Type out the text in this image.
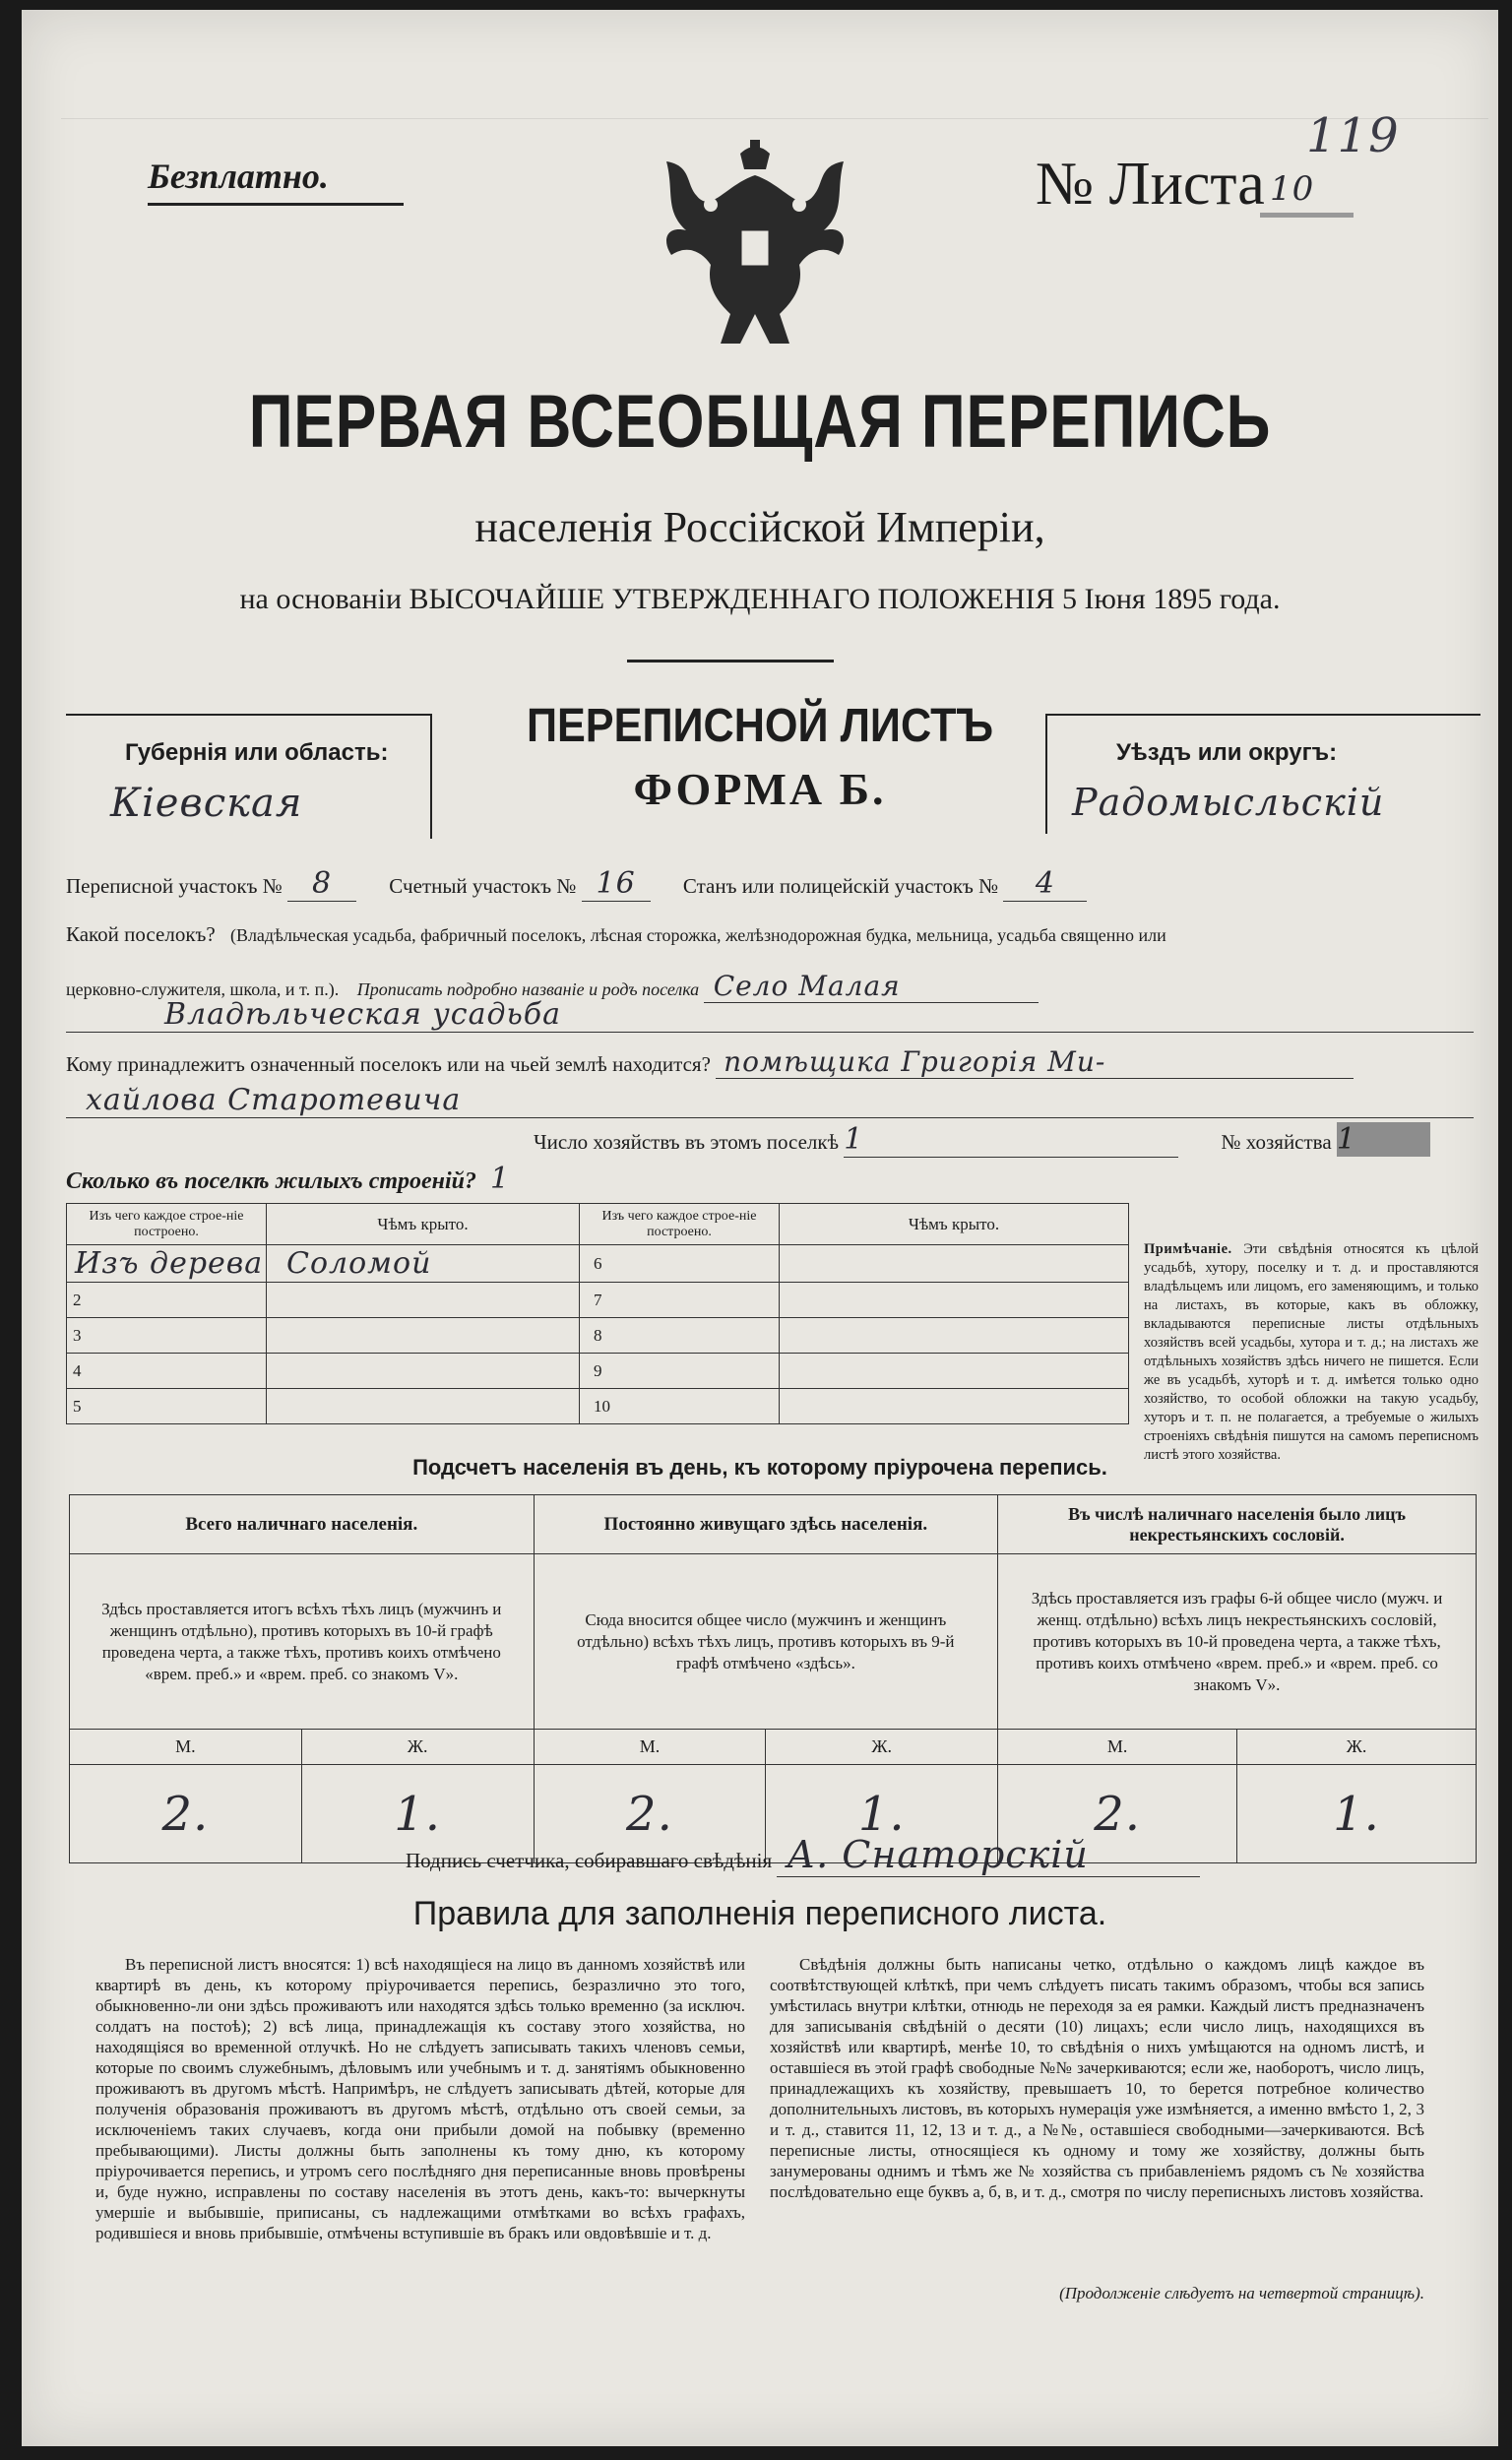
Безплатно.	№ Листа 10
119
ПЕРВАЯ ВСЕОБЩАЯ ПЕРЕПИСЬ
населенія Россійской Имперіи,
на основаніи ВЫСОЧАЙШЕ УТВЕРЖДЕННАГО ПОЛОЖЕНІЯ 5 Іюня 1895 года.
Губернія или область:
Кіевская
ПЕРЕПИСНОЙ ЛИСТЪ
ФОРМА Б.
Уѣздъ или округъ:
Радомысльскій
Переписной участокъ № 8	Счетный участокъ № 16 Станъ или полицейскій участокъ № 4
Какой поселокъ? (Владѣльческая усадьба, фабричный поселокъ, лѣсная сторожка, желѣзнодорожная будка, мельница, усадьба священно или
церковно-служителя, школа, и т. п.). Прописать подробно названіе и родъ поселка Село Малая
Владѣльческая усадьба
Кому принадлежитъ означенный поселокъ или на чьей землѣ находится? помѣщика Григорія Ми-
хайлова Старотевича
Число хозяйствъ въ этомъ поселкѣ 1	№ хозяйства 1
Сколько въ поселкѣ жилыхъ строеній? 1
Изъ чего каждое строе-ніе построено.	Чѣмъ крыто.	Изъ чего каждое строе-ніе построено.	Чѣмъ крыто.
Изъ дерева	Соломой	6	
2		7	
3		8	
4		9	
5		10	
Примѣчаніе. Эти свѣдѣнія относятся къ цѣлой усадьбѣ, хутору, поселку и т. д. и проставляются владѣльцемъ или лицомъ, его заменяющимъ, и только на листахъ, въ которые, какъ въ обложку, вкладываются переписные листы отдѣльныхъ хозяйствъ всей усадьбы, хутора и т. д.; на листахъ же отдѣльныхъ хозяйствъ здѣсь ничего не пишется. Если же въ усадьбѣ, хуторѣ и т. д. имѣется только одно хозяйство, то особой обложки на такую усадьбу, хуторъ и т. п. не полагается, а требуемые о жилыхъ строеніяхъ свѣдѣнія пишутся на самомъ переписномъ листѣ этого хозяйства.
Подсчетъ населенія въ день, къ которому пріурочена перепись.
Всего наличнаго населенія.		Постоянно живущаго здѣсь населенія.		Въ числѣ наличнаго населенія было лицъ некрестьянскихъ сословій.	
Здѣсь проставляется итогъ всѣхъ тѣхъ лицъ (мужчинъ и женщинъ отдѣльно), противъ которыхъ въ 10-й графѣ проведена черта, а также тѣхъ, противъ коихъ отмѣчено «врем. преб.» и «врем. преб. со знакомъ V».		Сюда вносится общее число (мужчинъ и женщинъ отдѣльно) всѣхъ тѣхъ лицъ, противъ которыхъ въ 9-й графѣ отмѣчено «здѣсь».		Здѣсь проставляется изъ графы 6-й общее число (мужч. и женщ. отдѣльно) всѣхъ лицъ некрестьянскихъ сословій, противъ которыхъ въ 10-й проведена черта, а также тѣхъ, противъ коихъ отмѣчено «врем. преб.» и «врем. преб. со знакомъ V».	
М.	Ж.	М.	Ж.	М.	Ж.
2.	1.	2.	1.	2.	1.
Подпись счетчика, собиравшаго свѣдѣнія А. Снаторскій
Правила для заполненія переписного листа.
Въ переписной листъ вносятся: 1) всѣ находящіеся на лицо въ данномъ хозяйствѣ или квартирѣ въ день, къ которому пріурочивается перепись, безразлично это того, обыкновенно-ли они здѣсь проживаютъ или находятся здѣсь только временно (за исключ. солдатъ на постоѣ); 2) всѣ лица, принадлежащія къ составу этого хозяйства, но находящіяся во временной отлучкѣ. Но не слѣдуетъ записывать такихъ членовъ семьи, которые по своимъ служебнымъ, дѣловымъ или учебнымъ и т. д. занятіямъ обыкновенно проживаютъ въ другомъ мѣстѣ. Напримѣръ, не слѣдуетъ записывать дѣтей, которые для полученія образованія проживаютъ въ другомъ мѣстѣ, отдѣльно отъ своей семьи, за исключеніемъ таких случаевъ, когда они прибыли домой на побывку (временно пребывающими). Листы должны быть заполнены къ тому дню, къ которому пріурочивается перепись, и утромъ сего послѣдняго дня переписанные вновь провѣрены и, буде нужно, исправлены по составу населенія въ этотъ день, какъ-то: вычеркнуты умершіе и выбывшіе, приписаны, съ надлежащими отмѣтками во всѣхъ графахъ, родившіеся и вновь прибывшіе, отмѣчены вступившіе въ бракъ или овдовѣвшіе и т. д.
Свѣдѣнія должны быть написаны четко, отдѣльно о каждомъ лицѣ каждое въ соотвѣтствующей клѣткѣ, при чемъ слѣдуетъ писать такимъ образомъ, чтобы вся запись умѣстилась внутри клѣтки, отнюдь не переходя за ея рамки. Каждый листъ предназначенъ для записыванія свѣдѣній о десяти (10) лицахъ; если число лицъ, находящихся въ хозяйствѣ или квартирѣ, менѣе 10, то свѣдѣнія о нихъ умѣщаются на одномъ листѣ, и оставшіеся въ этой графѣ свободные №№ зачеркиваются; если же, наоборотъ, число лицъ, принадлежащихъ къ хозяйству, превышаетъ 10, то берется потребное количество дополнительныхъ листовъ, въ которыхъ нумерація уже измѣняется, а именно вмѣсто 1, 2, 3 и т. д., ставится 11, 12, 13 и т. д., а №№, оставшіеся свободными—зачеркиваются. Всѣ переписные листы, относящіеся къ одному и тому же хозяйству, должны быть занумерованы однимъ и тѣмъ же № хозяйства съ прибавленіемъ рядомъ съ № хозяйства послѣдовательно еще буквъ а, б, в, и т. д., смотря по числу переписныхъ листовъ хозяйства.
(Продолженіе слѣдуетъ на четвертой страницѣ).
